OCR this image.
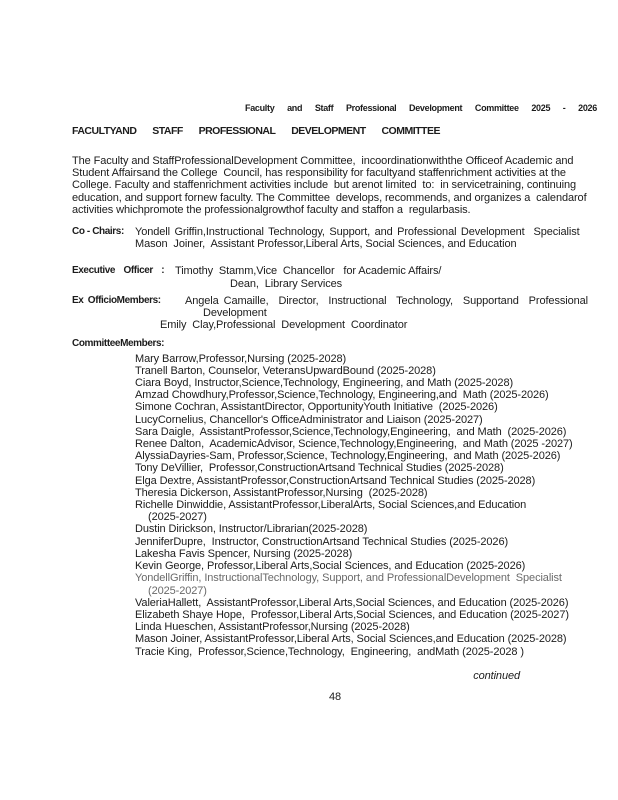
Faculty and Staff Professional Development Committee 2025 - 2026
FACULTYAND STAFF PROFESSIONAL DEVELOPMENT COMMITTEE
The Faculty and StaffProfessionalDevelopment Committee,  incoordinationwiththe Officeof Academic and
Student Affairsand the College  Council, has responsibility for facultyand staffenrichment activities at the
College. Faculty and staffenrichment activities include  but arenot limited  to:  in servicetraining, continuing
education, and support fornew faculty. The Committee  develops, recommends, and organizes a  calendarof
activities whichpromote the professionalgrowthof faculty and staffon a  regularbasis.
Co - Chairs:	Yondell Griffin,Instructional Technology, Support, and Professional Development  Specialist
Mason  Joiner,  Assistant Professor,Liberal Arts, Social Sciences, and Education
Executive Officer : Timothy  Stamm,Vice  Chancellor   for Academic Affairs/
Dean,  Library Services
Ex OfficioMembers: Angela Camaille,  Director,  Instructional  Technology,  Supportand  Professional
Development
Emily  Clay,Professional  Development  Coordinator
CommitteeMembers:
Mary Barrow,Professor,Nursing (2025-2028)
Tranell Barton, Counselor, VeteransUpwardBound (2025-2028)
Ciara Boyd, Instructor,Science,Technology, Engineering, and Math (2025-2028)
Amzad Chowdhury,Professor,Science,Technology, Engineering,and  Math (2025-2026)
Simone Cochran, AssistantDirector, OpportunityYouth Initiative  (2025-2026)
LucyCornelius, Chancellor's OfficeAdministrator and Liaison (2025-2027)
Sara Daigle,  AssistantProfessor,Science,Technology,Engineering,  and Math  (2025-2026)
Renee Dalton,  AcademicAdvisor, Science,Technology,Engineering,  and Math (2025 -2027)
AlyssiaDayries-Sam, Professor,Science, Technology,Engineering,  and Math (2025-2026)
Tony DeVillier,  Professor,ConstructionArtsand Technical Studies (2025-2028)
Elga Dextre, AssistantProfessor,ConstructionArtsand Technical Studies (2025-2028)
Theresia Dickerson, AssistantProfessor,Nursing  (2025-2028)
Richelle Dinwiddie, AssistantProfessor,LiberalArts, Social Sciences,and Education
(2025-2027)
Dustin Dirickson, Instructor/Librarian(2025-2028)
JenniferDupre,  Instructor, ConstructionArtsand Technical Studies (2025-2026)
Lakesha Favis Spencer, Nursing (2025-2028)
Kevin George, Professor,Liberal Arts,Social Sciences, and Education (2025-2026)
YondellGriffin, InstructionalTechnology, Support, and ProfessionalDevelopment  Specialist
(2025-2027)
ValeriaHallett,  AssistantProfessor,Liberal Arts,Social Sciences, and Education (2025-2026)
Elizabeth Shaye Hope,  Professor,Liberal Arts,Social Sciences, and Education (2025-2027)
Linda Hueschen, AssistantProfessor,Nursing (2025-2028)
Mason Joiner, AssistantProfessor,Liberal Arts, Social Sciences,and Education (2025-2028)
Tracie King,  Professor,Science,Technology,  Engineering,  andMath (2025-2028 )
continued
48
